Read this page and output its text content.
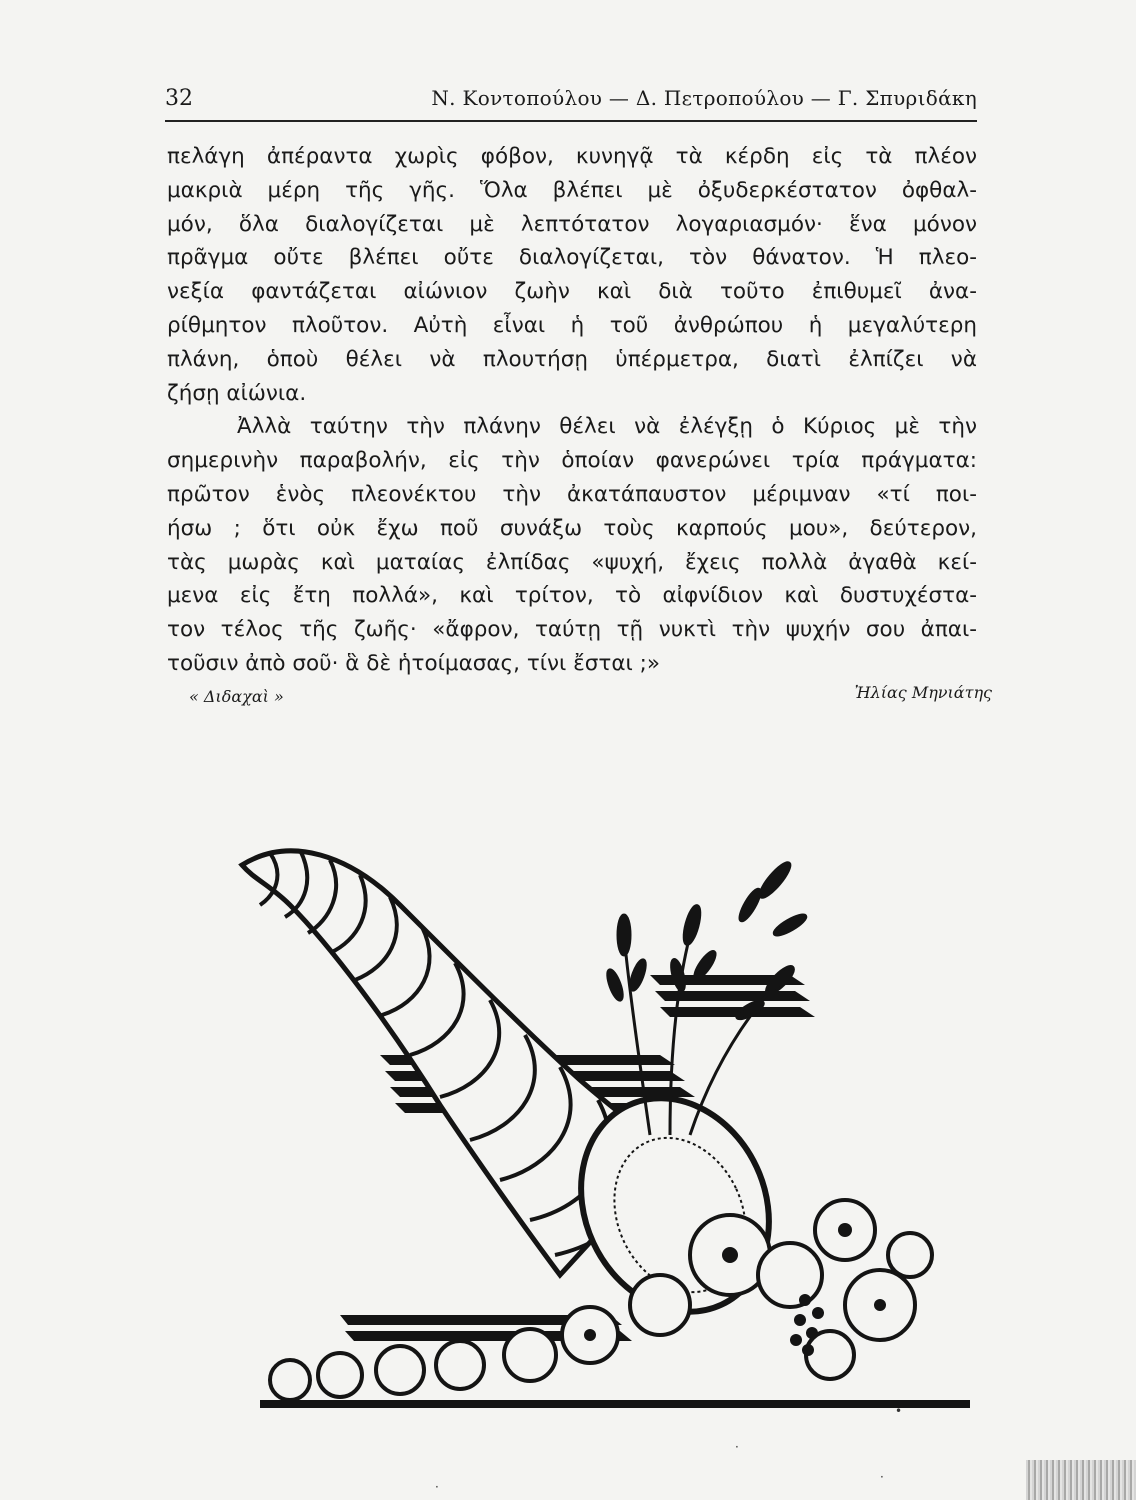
32	Ν. Κοντοπούλου — Δ. Πετροπούλου — Γ. Σπυριδάκη
πελάγη ἀπέραντα χωρὶς φόβον, κυνηγᾷ τὰ κέρδη εἰς τὰ πλέον
μακριὰ μέρη τῆς γῆς. Ὅλα βλέπει μὲ ὀξυδερκέστατον ὀφθαλ-
μόν, ὅλα διαλογίζεται μὲ λεπτότατον λογαριασμόν· ἕνα μόνον
πρᾶγμα οὔτε βλέπει οὔτε διαλογίζεται, τὸν θάνατον. Ἡ πλεο-
νεξία φαντάζεται αἰώνιον ζωὴν καὶ διὰ τοῦτο ἐπιθυμεῖ ἀνα-
ρίθμητον πλοῦτον. Αὐτὴ εἶναι ἡ τοῦ ἀνθρώπου ἡ μεγαλύτερη
πλάνη, ὁποὺ θέλει νὰ πλουτήσῃ ὑπέρμετρα, διατὶ ἐλπίζει νὰ
ζήσῃ αἰώνια.
Ἀλλὰ ταύτην τὴν πλάνην θέλει νὰ ἐλέγξῃ ὁ Κύριος μὲ τὴν
σημερινὴν παραβολήν, εἰς τὴν ὁποίαν φανερώνει τρία πράγματα:
πρῶτον ἑνὸς πλεονέκτου τὴν ἀκατάπαυστον μέριμναν «τί ποι-
ήσω ; ὅτι οὐκ ἔχω ποῦ συνάξω τοὺς καρπούς μου», δεύτερον,
τὰς μωρὰς καὶ ματαίας ἐλπίδας «ψυχή, ἔχεις πολλὰ ἀγαθὰ κεί-
μενα εἰς ἔτη πολλά», καὶ τρίτον, τὸ αἰφνίδιον καὶ δυστυχέστα-
τον τέλος τῆς ζωῆς· «ἄφρον, ταύτῃ τῇ νυκτὶ τὴν ψυχήν σου ἀπαι-
τοῦσιν ἀπὸ σοῦ· ἃ δὲ ἡτοίμασας, τίνι ἔσται ;»
« Διδαχαὶ »	Ἠλίας Μηνιάτης
•
·
·
·
